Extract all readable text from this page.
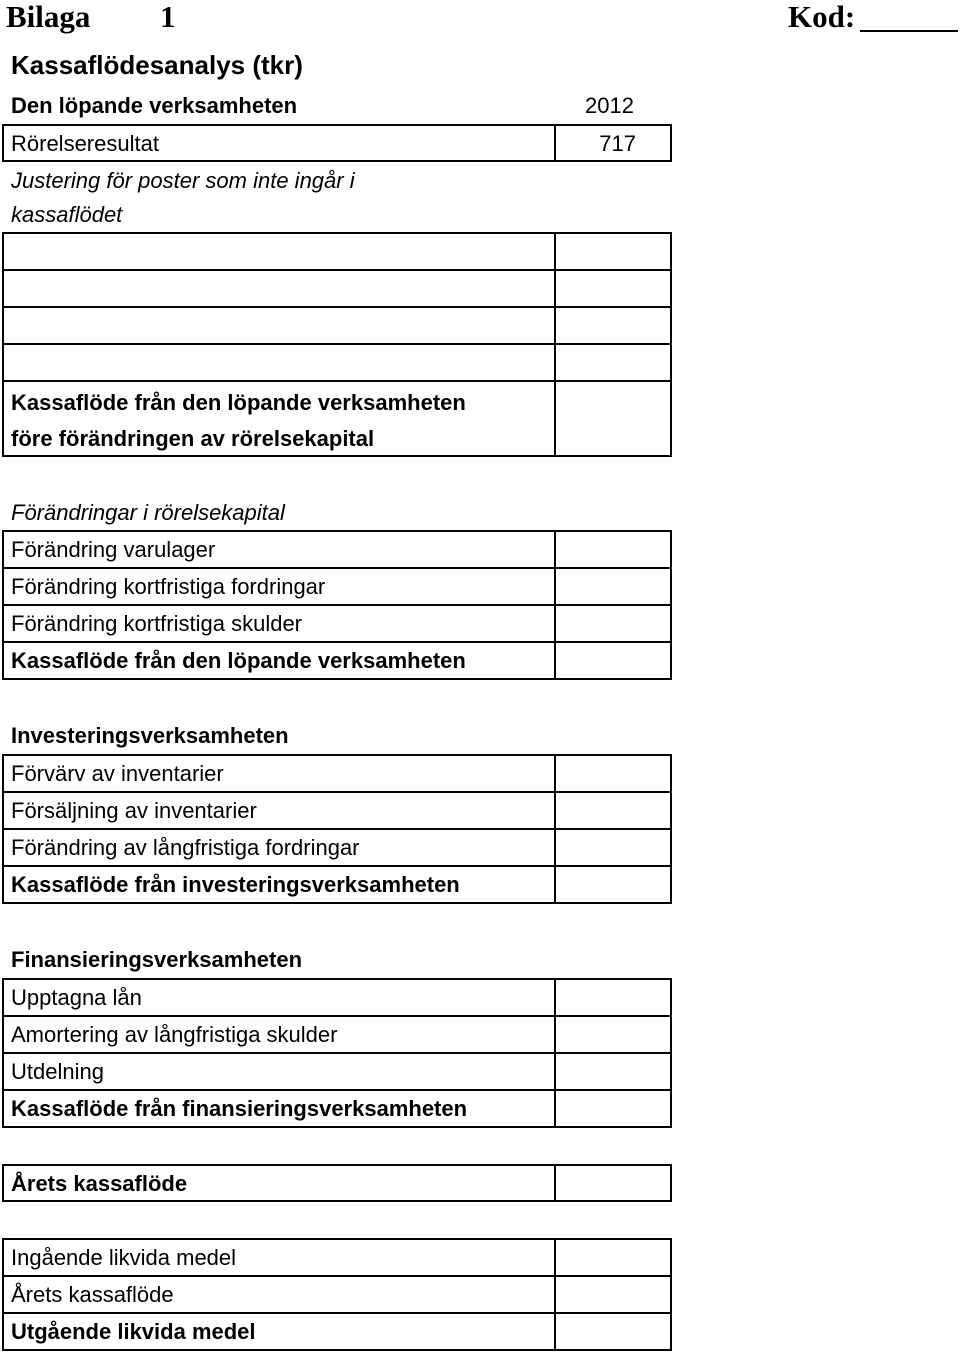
Bilaga 1	Kod:
Kassaflödesanalys (tkr)
Den löpande verksamheten	2012
Rörelseresultat	717
Justering för poster som inte ingår i
kassaflödet
Kassaflöde från den löpande verksamheten
före förändringen av rörelsekapital
Förändringar i rörelsekapital
Förändring varulager
Förändring kortfristiga fordringar
Förändring kortfristiga skulder
Kassaflöde från den löpande verksamheten
Investeringsverksamheten
Förvärv av inventarier
Försäljning av inventarier
Förändring av långfristiga fordringar
Kassaflöde från investeringsverksamheten
Finansieringsverksamheten
Upptagna lån
Amortering av långfristiga skulder
Utdelning
Kassaflöde från finansieringsverksamheten
Årets kassaflöde
Ingående likvida medel
Årets kassaflöde
Utgående likvida medel
